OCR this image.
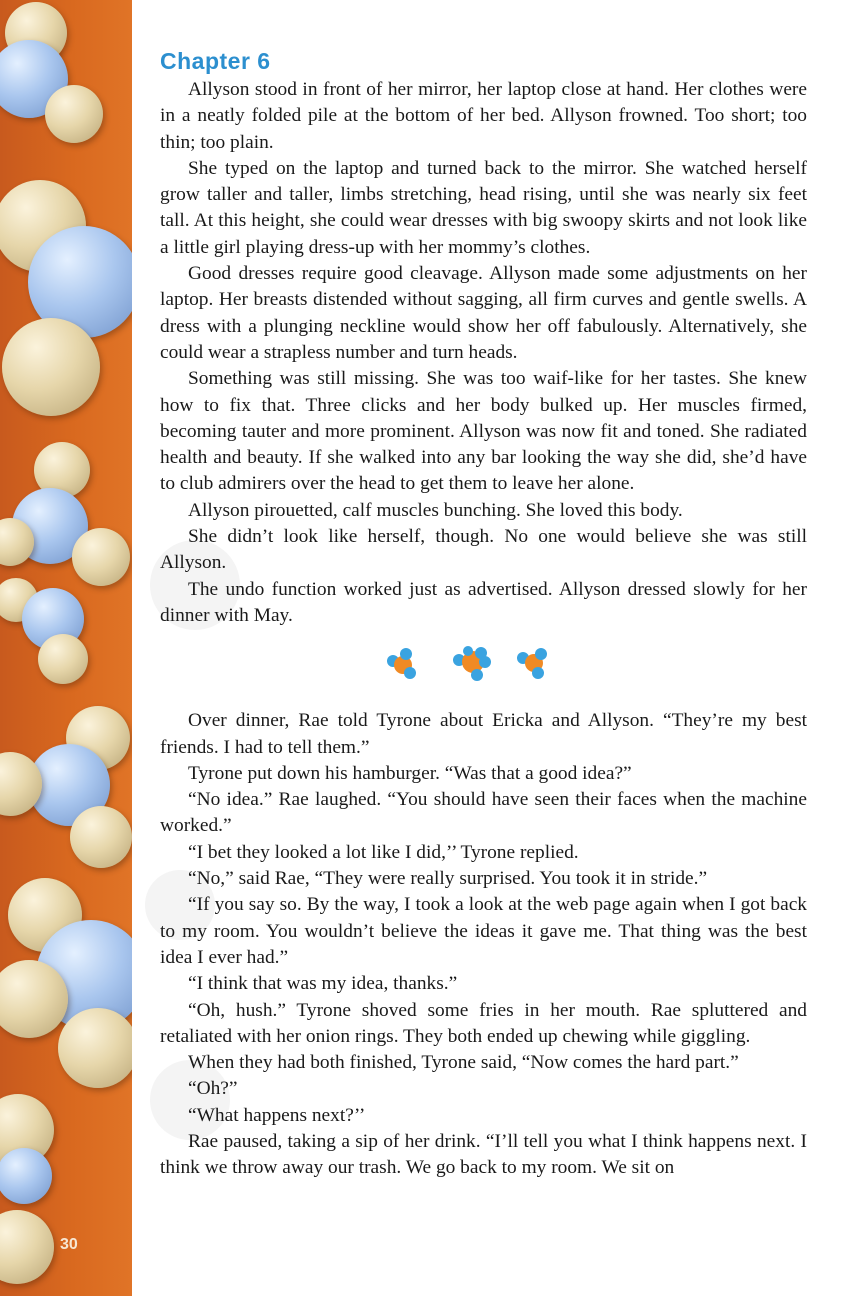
30
Chapter 6

Allyson stood in front of her mirror, her laptop close at hand. Her clothes were in a neatly folded pile at the bottom of her bed. Allyson frowned. Too short; too thin; too plain.

She typed on the laptop and turned back to the mirror. She watched herself grow taller and taller, limbs stretching, head rising, until she was nearly six feet tall. At this height, she could wear dresses with big swoopy skirts and not look like a little girl playing dress-up with her mommy’s clothes.

Good dresses require good cleavage. Allyson made some adjustments on her laptop. Her breasts distended without sagging, all firm curves and gentle swells. A dress with a plunging neckline would show her off fabulously. Alternatively, she could wear a strapless number and turn heads.

Something was still missing. She was too waif-like for her tastes. She knew how to fix that. Three clicks and her body bulked up. Her muscles firmed, becoming tauter and more prominent. Allyson was now fit and toned. She radiated health and beauty. If she walked into any bar looking the way she did, she’d have to club admirers over the head to get them to leave her alone.

Allyson pirouetted, calf muscles bunching. She loved this body.

She didn’t look like herself, though. No one would believe she was still Allyson.

The undo function worked just as advertised. Allyson dressed slowly for her dinner with May.

Over dinner, Rae told Tyrone about Ericka and Allyson. “They’re my best friends. I had to tell them.”

Tyrone put down his hamburger. “Was that a good idea?”

“No idea.” Rae laughed. “You should have seen their faces when the machine worked.”

“I bet they looked a lot like I did,’’ Tyrone replied.

“No,” said Rae, “They were really surprised. You took it in stride.”

“If you say so. By the way, I took a look at the web page again when I got back to my room. You wouldn’t believe the ideas it gave me. That thing was the best idea I ever had.”

“I think that was my idea, thanks.”

“Oh, hush.” Tyrone shoved some fries in her mouth. Rae spluttered and retaliated with her onion rings. They both ended up chewing while giggling.

When they had both finished, Tyrone said, “Now comes the hard part.”

“Oh?”

“What happens next?’’

Rae paused, taking a sip of her drink. “I’ll tell you what I think happens next. I think we throw away our trash. We go back to my room. We sit on
